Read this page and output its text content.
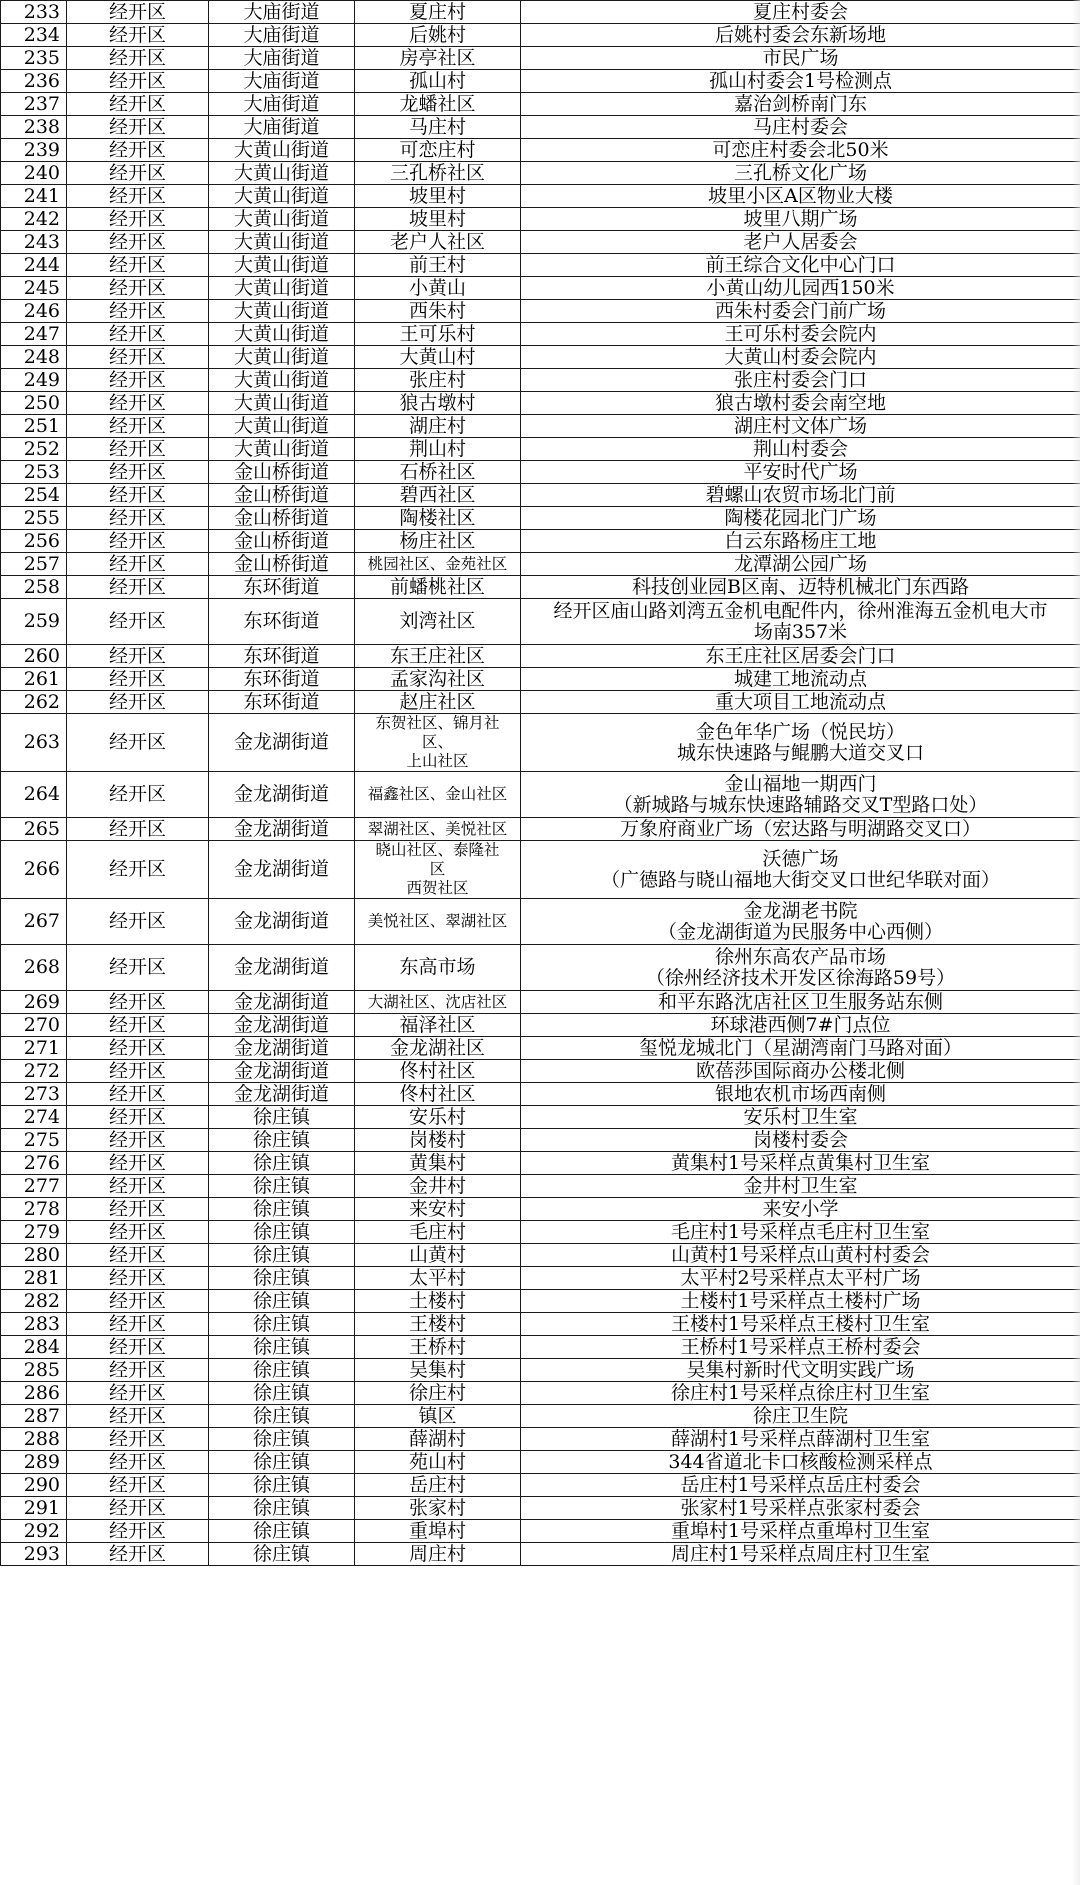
233	经开区	大庙街道	夏庄村	夏庄村委会
234	经开区	大庙街道	后姚村	后姚村委会东新场地
235	经开区	大庙街道	房亭社区	市民广场
236	经开区	大庙街道	孤山村	孤山村委会1号检测点
237	经开区	大庙街道	龙蟠社区	嘉治剑桥南门东
238	经开区	大庙街道	马庄村	马庄村委会
239	经开区	大黄山街道	可恋庄村	可恋庄村委会北50米
240	经开区	大黄山街道	三孔桥社区	三孔桥文化广场
241	经开区	大黄山街道	坡里村	坡里小区A区物业大楼
242	经开区	大黄山街道	坡里村	坡里八期广场
243	经开区	大黄山街道	老户人社区	老户人居委会
244	经开区	大黄山街道	前王村	前王综合文化中心门口
245	经开区	大黄山街道	小黄山	小黄山幼儿园西150米
246	经开区	大黄山街道	西朱村	西朱村委会门前广场
247	经开区	大黄山街道	王可乐村	王可乐村委会院内
248	经开区	大黄山街道	大黄山村	大黄山村委会院内
249	经开区	大黄山街道	张庄村	张庄村委会门口
250	经开区	大黄山街道	狼古墩村	狼古墩村委会南空地
251	经开区	大黄山街道	湖庄村	湖庄村文体广场
252	经开区	大黄山街道	荆山村	荆山村委会
253	经开区	金山桥街道	石桥社区	平安时代广场
254	经开区	金山桥街道	碧西社区	碧螺山农贸市场北门前
255	经开区	金山桥街道	陶楼社区	陶楼花园北门广场
256	经开区	金山桥街道	杨庄社区	白云东路杨庄工地
257	经开区	金山桥街道	桃园社区、金苑社区	龙潭湖公园广场
258	经开区	东环街道	前蟠桃社区	科技创业园B区南、迈特机械北门东西路
259	经开区	东环街道	刘湾社区	经开区庙山路刘湾五金机电配件内，徐州淮海五金机电大市
场南357米
260	经开区	东环街道	东王庄社区	东王庄社区居委会门口
261	经开区	东环街道	孟家沟社区	城建工地流动点
262	经开区	东环街道	赵庄社区	重大项目工地流动点
263	经开区	金龙湖街道	东贺社区、锦月社
区、
上山社区	金色年华广场（悦民坊）
城东快速路与鲲鹏大道交叉口
264	经开区	金龙湖街道	福鑫社区、金山社区	金山福地一期西门
（新城路与城东快速路辅路交叉T型路口处）
265	经开区	金龙湖街道	翠湖社区、美悦社区	万象府商业广场（宏达路与明湖路交叉口）
266	经开区	金龙湖街道	晓山社区、泰隆社
区
西贺社区	沃德广场
（广德路与晓山福地大街交叉口世纪华联对面）
267	经开区	金龙湖街道	美悦社区、翠湖社区	金龙湖老书院
（金龙湖街道为民服务中心西侧）
268	经开区	金龙湖街道	东高市场	徐州东高农产品市场
（徐州经济技术开发区徐海路59号）
269	经开区	金龙湖街道	大湖社区、沈店社区	和平东路沈店社区卫生服务站东侧
270	经开区	金龙湖街道	福泽社区	环球港西侧7#门点位
271	经开区	金龙湖街道	金龙湖社区	玺悦龙城北门（星湖湾南门马路对面）
272	经开区	金龙湖街道	佟村社区	欧蓓莎国际商办公楼北侧
273	经开区	金龙湖街道	佟村社区	银地农机市场西南侧
274	经开区	徐庄镇	安乐村	安乐村卫生室
275	经开区	徐庄镇	岗楼村	岗楼村委会
276	经开区	徐庄镇	黄集村	黄集村1号采样点黄集村卫生室
277	经开区	徐庄镇	金井村	金井村卫生室
278	经开区	徐庄镇	来安村	来安小学
279	经开区	徐庄镇	毛庄村	毛庄村1号采样点毛庄村卫生室
280	经开区	徐庄镇	山黄村	山黄村1号采样点山黄村村委会
281	经开区	徐庄镇	太平村	太平村2号采样点太平村广场
282	经开区	徐庄镇	土楼村	土楼村1号采样点土楼村广场
283	经开区	徐庄镇	王楼村	王楼村1号采样点王楼村卫生室
284	经开区	徐庄镇	王桥村	王桥村1号采样点王桥村委会
285	经开区	徐庄镇	吴集村	吴集村新时代文明实践广场
286	经开区	徐庄镇	徐庄村	徐庄村1号采样点徐庄村卫生室
287	经开区	徐庄镇	镇区	徐庄卫生院
288	经开区	徐庄镇	薛湖村	薛湖村1号采样点薛湖村卫生室
289	经开区	徐庄镇	苑山村	344省道北卡口核酸检测采样点
290	经开区	徐庄镇	岳庄村	岳庄村1号采样点岳庄村委会
291	经开区	徐庄镇	张家村	张家村1号采样点张家村委会
292	经开区	徐庄镇	重埠村	重埠村1号采样点重埠村卫生室
293	经开区	徐庄镇	周庄村	周庄村1号采样点周庄村卫生室
